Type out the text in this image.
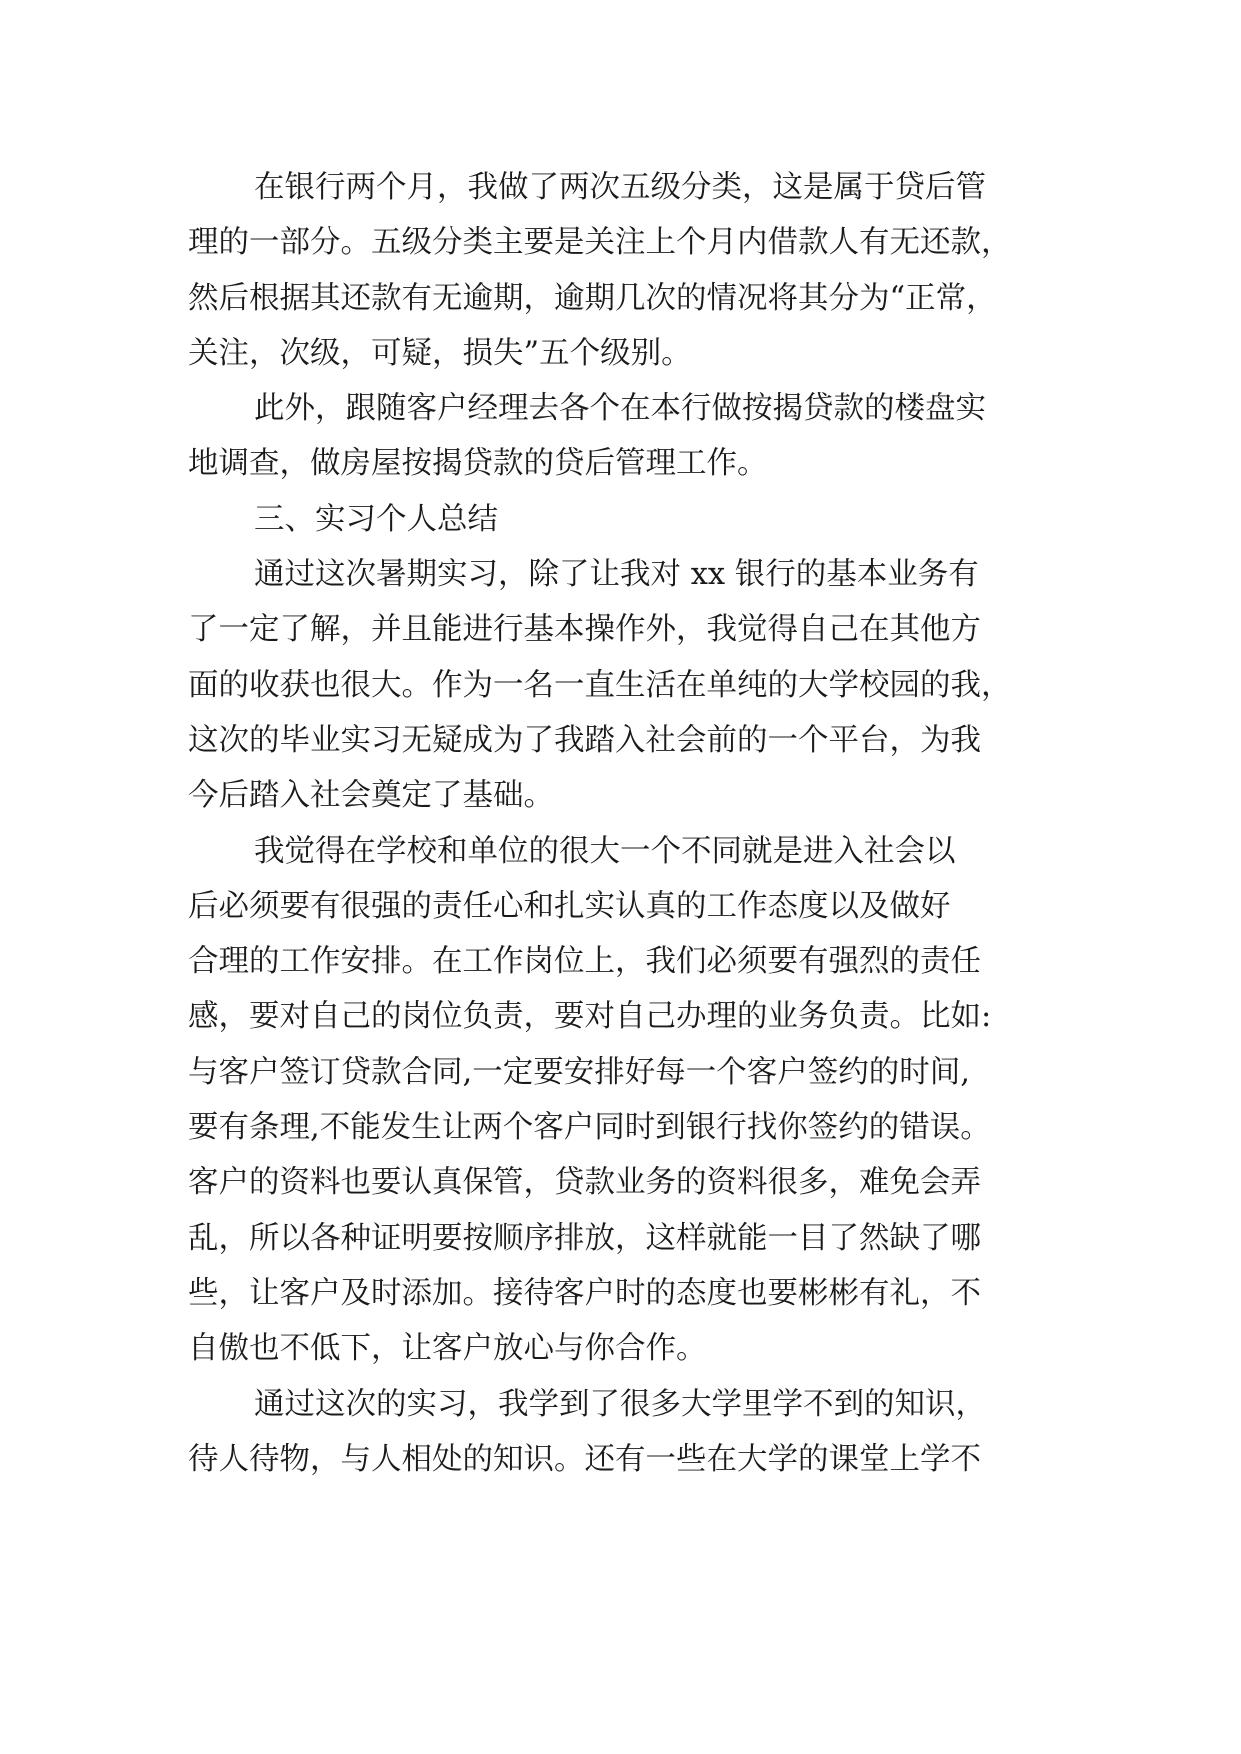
在银行两个月，我做了两次五级分类，这是属于贷后管
理的一部分。五级分类主要是关注上个月内借款人有无还款，
然后根据其还款有无逾期，逾期几次的情况将其分为“正常，
关注，次级，可疑，损失”五个级别。
此外，跟随客户经理去各个在本行做按揭贷款的楼盘实
地调查，做房屋按揭贷款的贷后管理工作。
三、实习个人总结
通过这次暑期实习，除了让我对 xx 银行的基本业务有
了一定了解，并且能进行基本操作外，我觉得自己在其他方
面的收获也很大。作为一名一直生活在单纯的大学校园的我，
这次的毕业实习无疑成为了我踏入社会前的一个平台，为我
今后踏入社会奠定了基础。
我觉得在学校和单位的很大一个不同就是进入社会以
后必须要有很强的责任心和扎实认真的工作态度以及做好
合理的工作安排。在工作岗位上，我们必须要有强烈的责任
感，要对自己的岗位负责，要对自己办理的业务负责。比如:
与客户签订贷款合同,一定要安排好每一个客户签约的时间,
要有条理,不能发生让两个客户同时到银行找你签约的错误。
客户的资料也要认真保管，贷款业务的资料很多，难免会弄
乱，所以各种证明要按顺序排放，这样就能一目了然缺了哪
些，让客户及时添加。接待客户时的态度也要彬彬有礼，不
自傲也不低下，让客户放心与你合作。
通过这次的实习，我学到了很多大学里学不到的知识，
待人待物，与人相处的知识。还有一些在大学的课堂上学不
